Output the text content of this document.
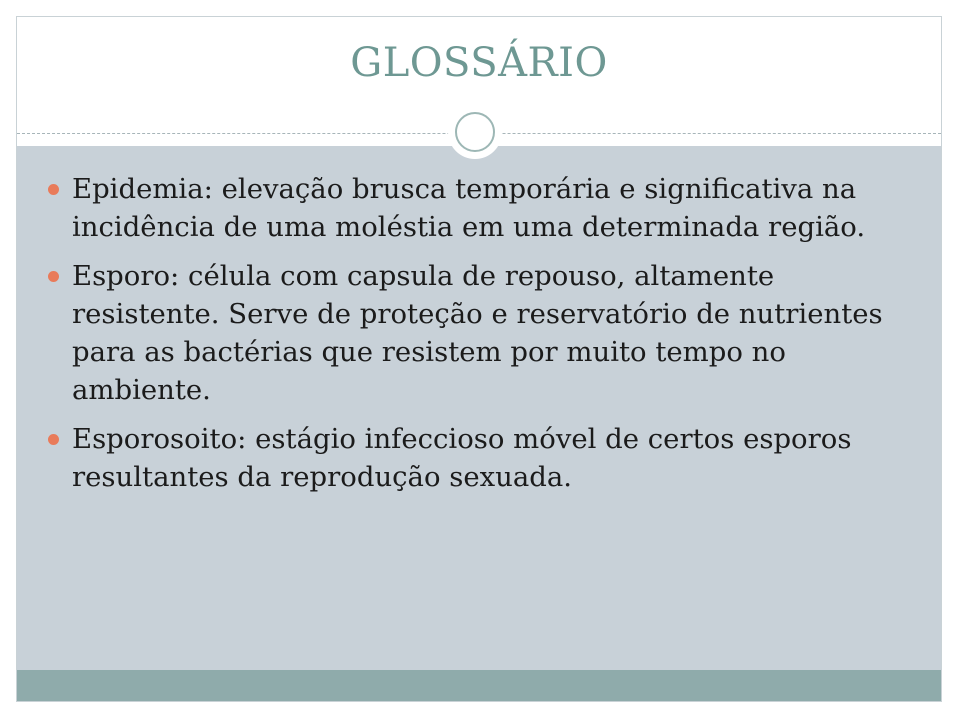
GLOSSÁRIO
Epidemia: elevação brusca temporária e significativa na incidência de uma moléstia em uma determinada região.
Esporo: célula com capsula de repouso, altamente resistente. Serve de proteção e reservatório de nutrientes para as bactérias que resistem por muito tempo no ambiente.
Esporosoito: estágio infeccioso móvel de certos esporos resultantes da reprodução sexuada.
